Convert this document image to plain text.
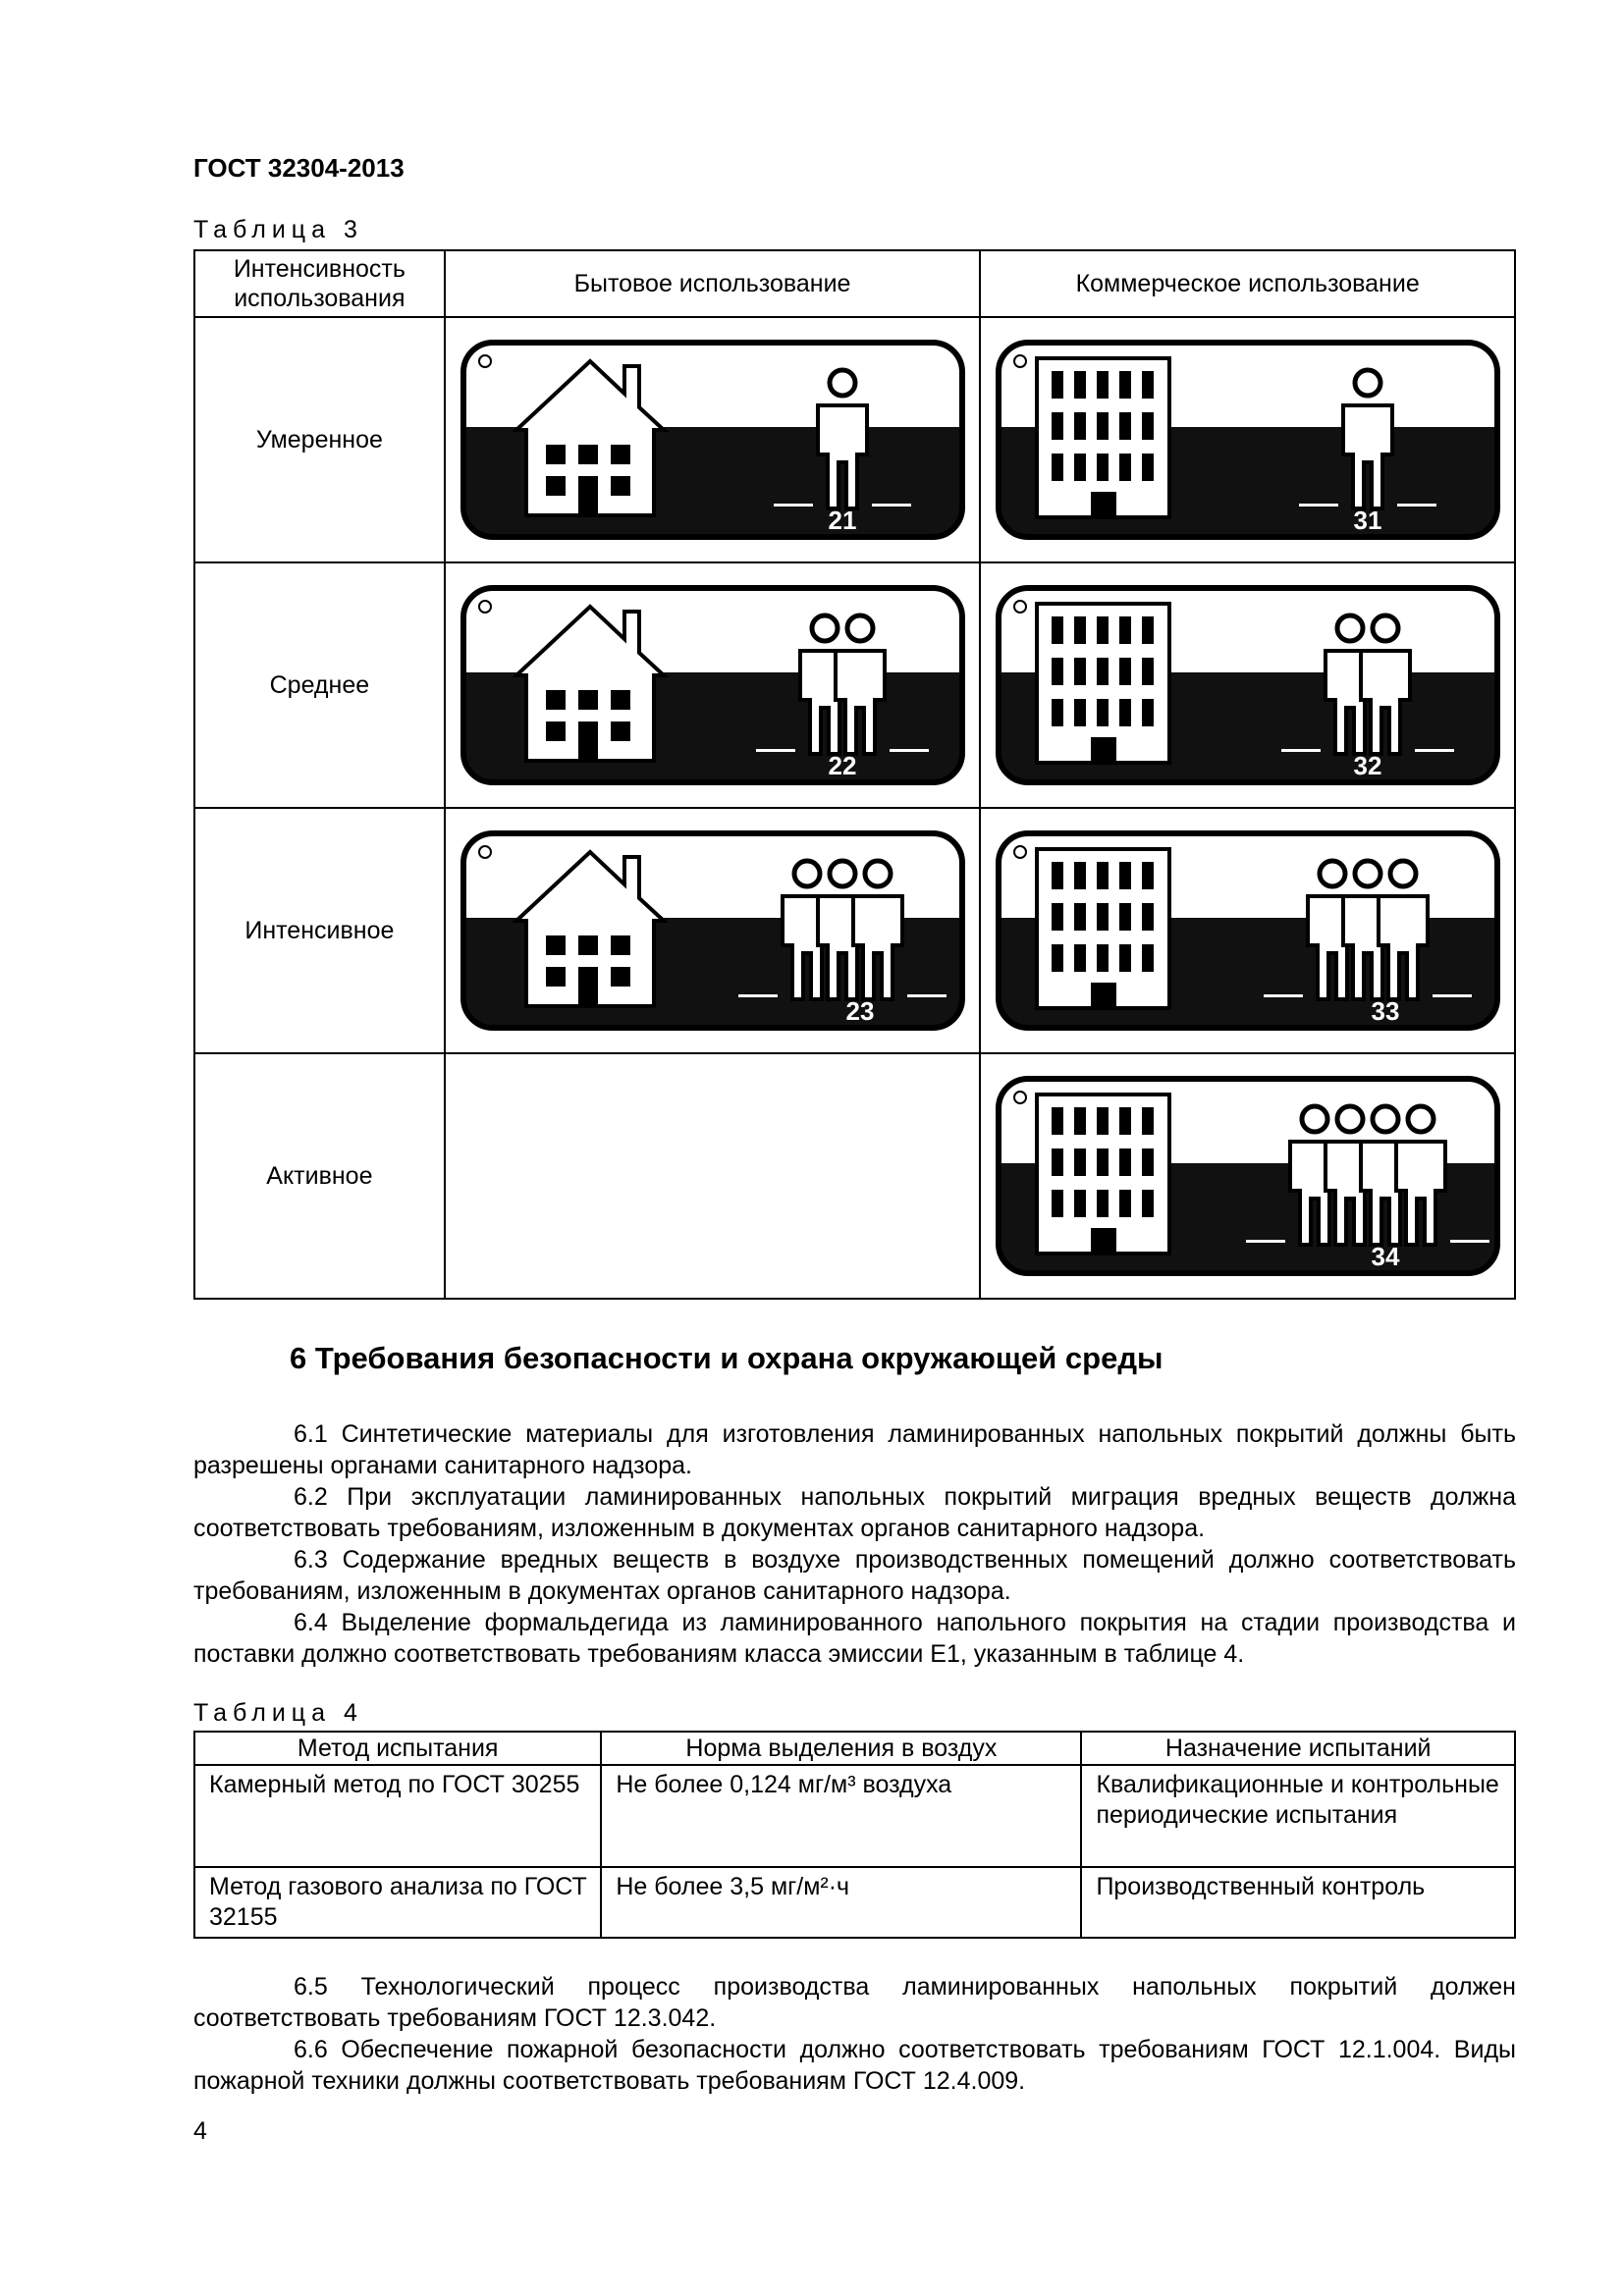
ГОСТ 32304-2013
Таблица 3
Интенсивность использования	Бытовое использование	Коммерческое использование
Умеренное	21	31

Среднее	22	32

Интенсивное	23	33

Активное		34
6 Требования безопасности и охрана окружающей среды
6.1 Синтетические материалы для изготовления ламинированных напольных покрытий должны быть разрешены органами санитарного надзора.
6.2 При эксплуатации ламинированных напольных покрытий миграция вредных веществ должна соответствовать требованиям, изложенным в документах органов санитарного надзора.
6.3 Содержание вредных веществ в воздухе производственных помещений должно соответствовать требованиям, изложенным в документах органов санитарного надзора.
6.4 Выделение формальдегида из ламинированного напольного покрытия на стадии производства и поставки должно соответствовать требованиям класса эмиссии Е1, указанным в таблице 4.
Таблица 4
Метод испытания	Норма выделения в воздух	Назначение испытаний
Камерный метод по ГОСТ 30255	Не более 0,124 мг/м³ воздуха	Квалификационные и контрольные периодические испытания
Метод газового анализа по ГОСТ 32155	Не более 3,5 мг/м²·ч	Производственный контроль
6.5 Технологический процесс производства ламинированных напольных покрытий должен соответствовать требованиям ГОСТ 12.3.042.
6.6 Обеспечение пожарной безопасности должно соответствовать требованиям ГОСТ 12.1.004. Виды пожарной техники должны соответствовать требованиям ГОСТ 12.4.009.
4
